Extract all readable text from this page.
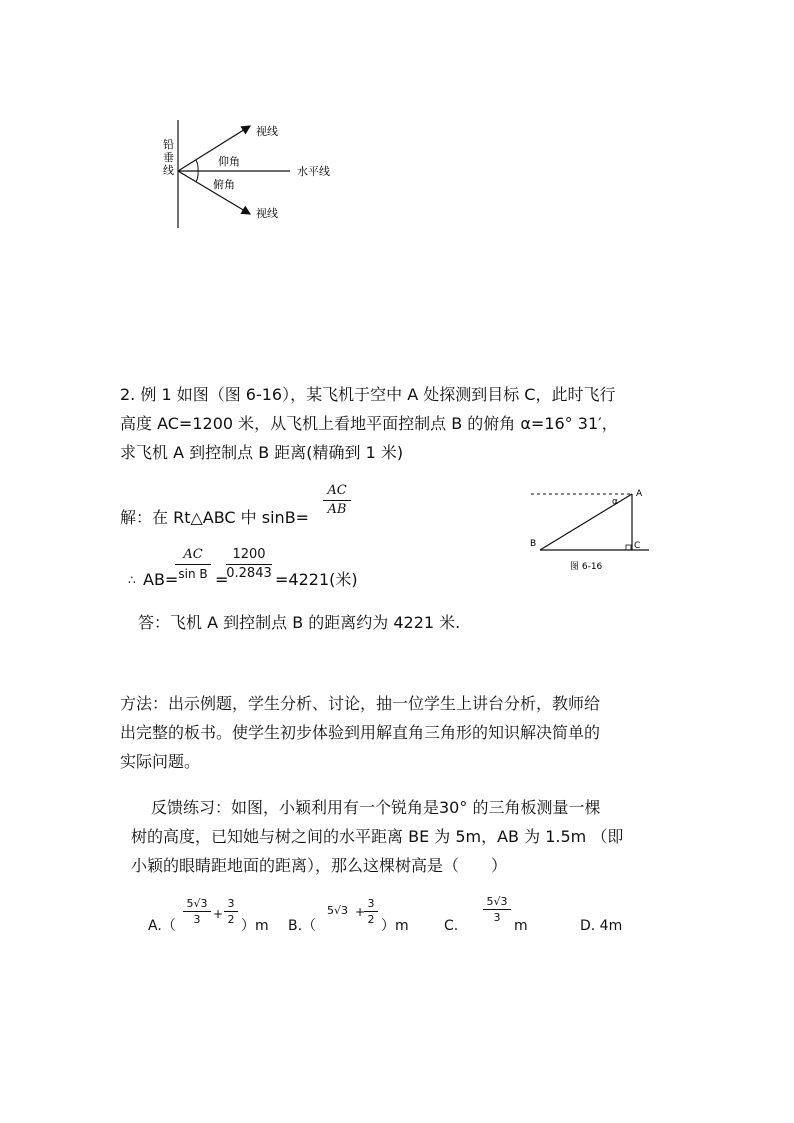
铅
垂
线
视线
仰角
水平线
俯角
视线
2. 例 1 如图（图 6-16），某飞机于空中 A 处探测到目标 C，此时飞行
高度 AC=1200 米，从飞机上看地平面控制点 B 的俯角 α=16° 31′，
求飞机 A 到控制点 B 距离(精确到 1 米)
解：在 Rt△ABC 中 sinB=
AC
AB
∴ AB=
AC
sin B =
1200
0.2843 =4221(米)
答：飞机 A 到控制点 B 的距离约为 4221 米.
A
α
B	C
图 6-16
方法：出示例题，学生分析、讨论，抽一位学生上讲台分析，教师给
出完整的板书。使学生初步体验到用解直角三角形的知识解决简单的
实际问题。
反馈练习：如图，小颖利用有一个锐角是30° 的三角板测量一棵
树的高度，已知她与树之间的水平距离 BE 为 5m，AB 为 1.5m （即
小颖的眼睛距地面的距离），那么这棵树高是（　　）
A.（
5√3
3	+
3
2 ）m B.（
5√3 +
3
2 ）m	C.
5√3
3
m	D. 4m
